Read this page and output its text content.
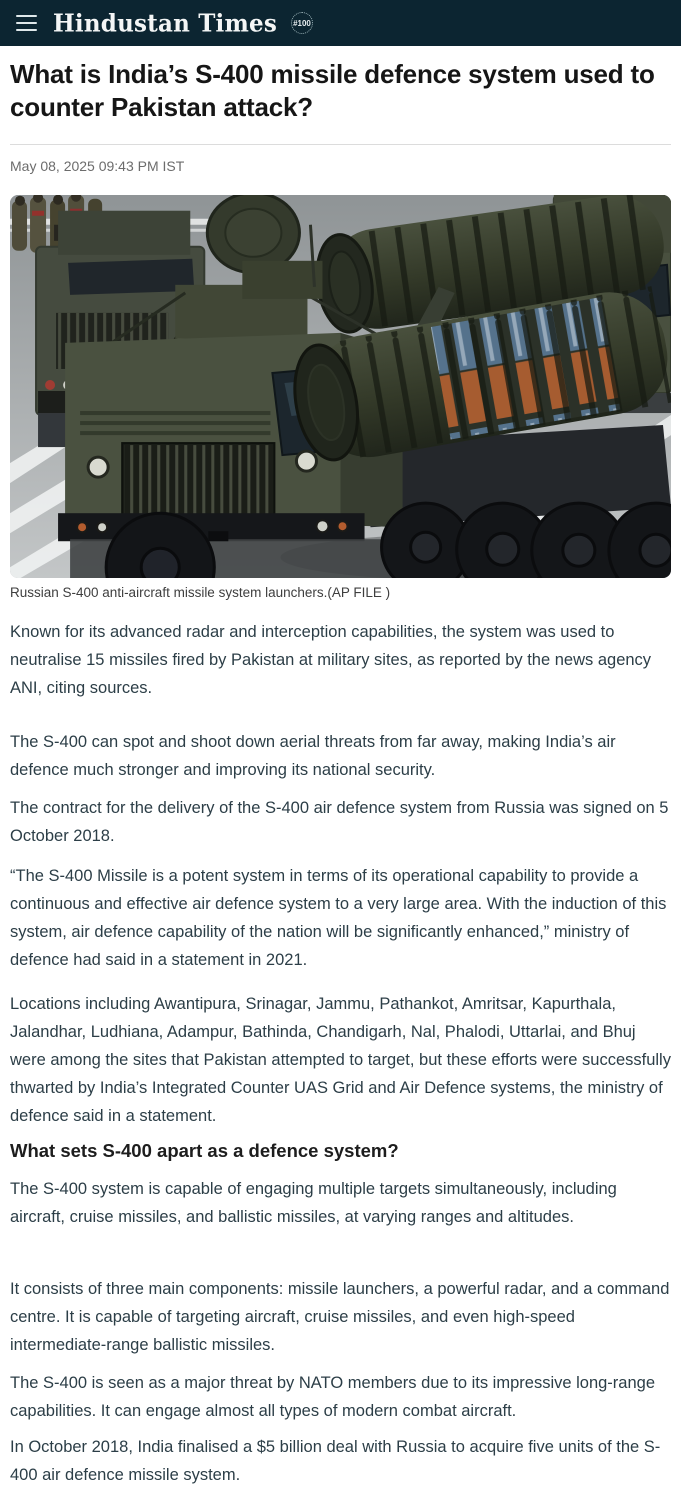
Hindustan Times #100
What is India’s S-400 missile defence system used to counter Pakistan attack?
May 08, 2025 09:43 PM IST
Russian S-400 anti-aircraft missile system launchers.(AP FILE )

Known for its advanced radar and interception capabilities, the system was used to neutralise 15 missiles fired by Pakistan at military sites, as reported by the news agency ANI, citing sources.

The S-400 can spot and shoot down aerial threats from far away, making India’s air defence much stronger and improving its national security.

The contract for the delivery of the S-400 air defence system from Russia was signed on 5 October 2018.

“The S-400 Missile is a potent system in terms of its operational capability to provide a continuous and effective air defence system to a very large area. With the induction of this system, air defence capability of the nation will be significantly enhanced,” ministry of defence had said in a statement in 2021.

Locations including Awantipura, Srinagar, Jammu, Pathankot, Amritsar, Kapurthala, Jalandhar, Ludhiana, Adampur, Bathinda, Chandigarh, Nal, Phalodi, Uttarlai, and Bhuj were among the sites that Pakistan attempted to target, but these efforts were successfully thwarted by India’s Integrated Counter UAS Grid and Air Defence systems, the ministry of defence said in a statement.

What sets S-400 apart as a defence system?

The S-400 system is capable of engaging multiple targets simultaneously, including aircraft, cruise missiles, and ballistic missiles, at varying ranges and altitudes.

It consists of three main components: missile launchers, a powerful radar, and a command centre. It is capable of targeting aircraft, cruise missiles, and even high-speed intermediate-range ballistic missiles.

The S-400 is seen as a major threat by NATO members due to its impressive long-range capabilities. It can engage almost all types of modern combat aircraft.

In October 2018, India finalised a $5 billion deal with Russia to acquire five units of the S-400 air defence missile system.
